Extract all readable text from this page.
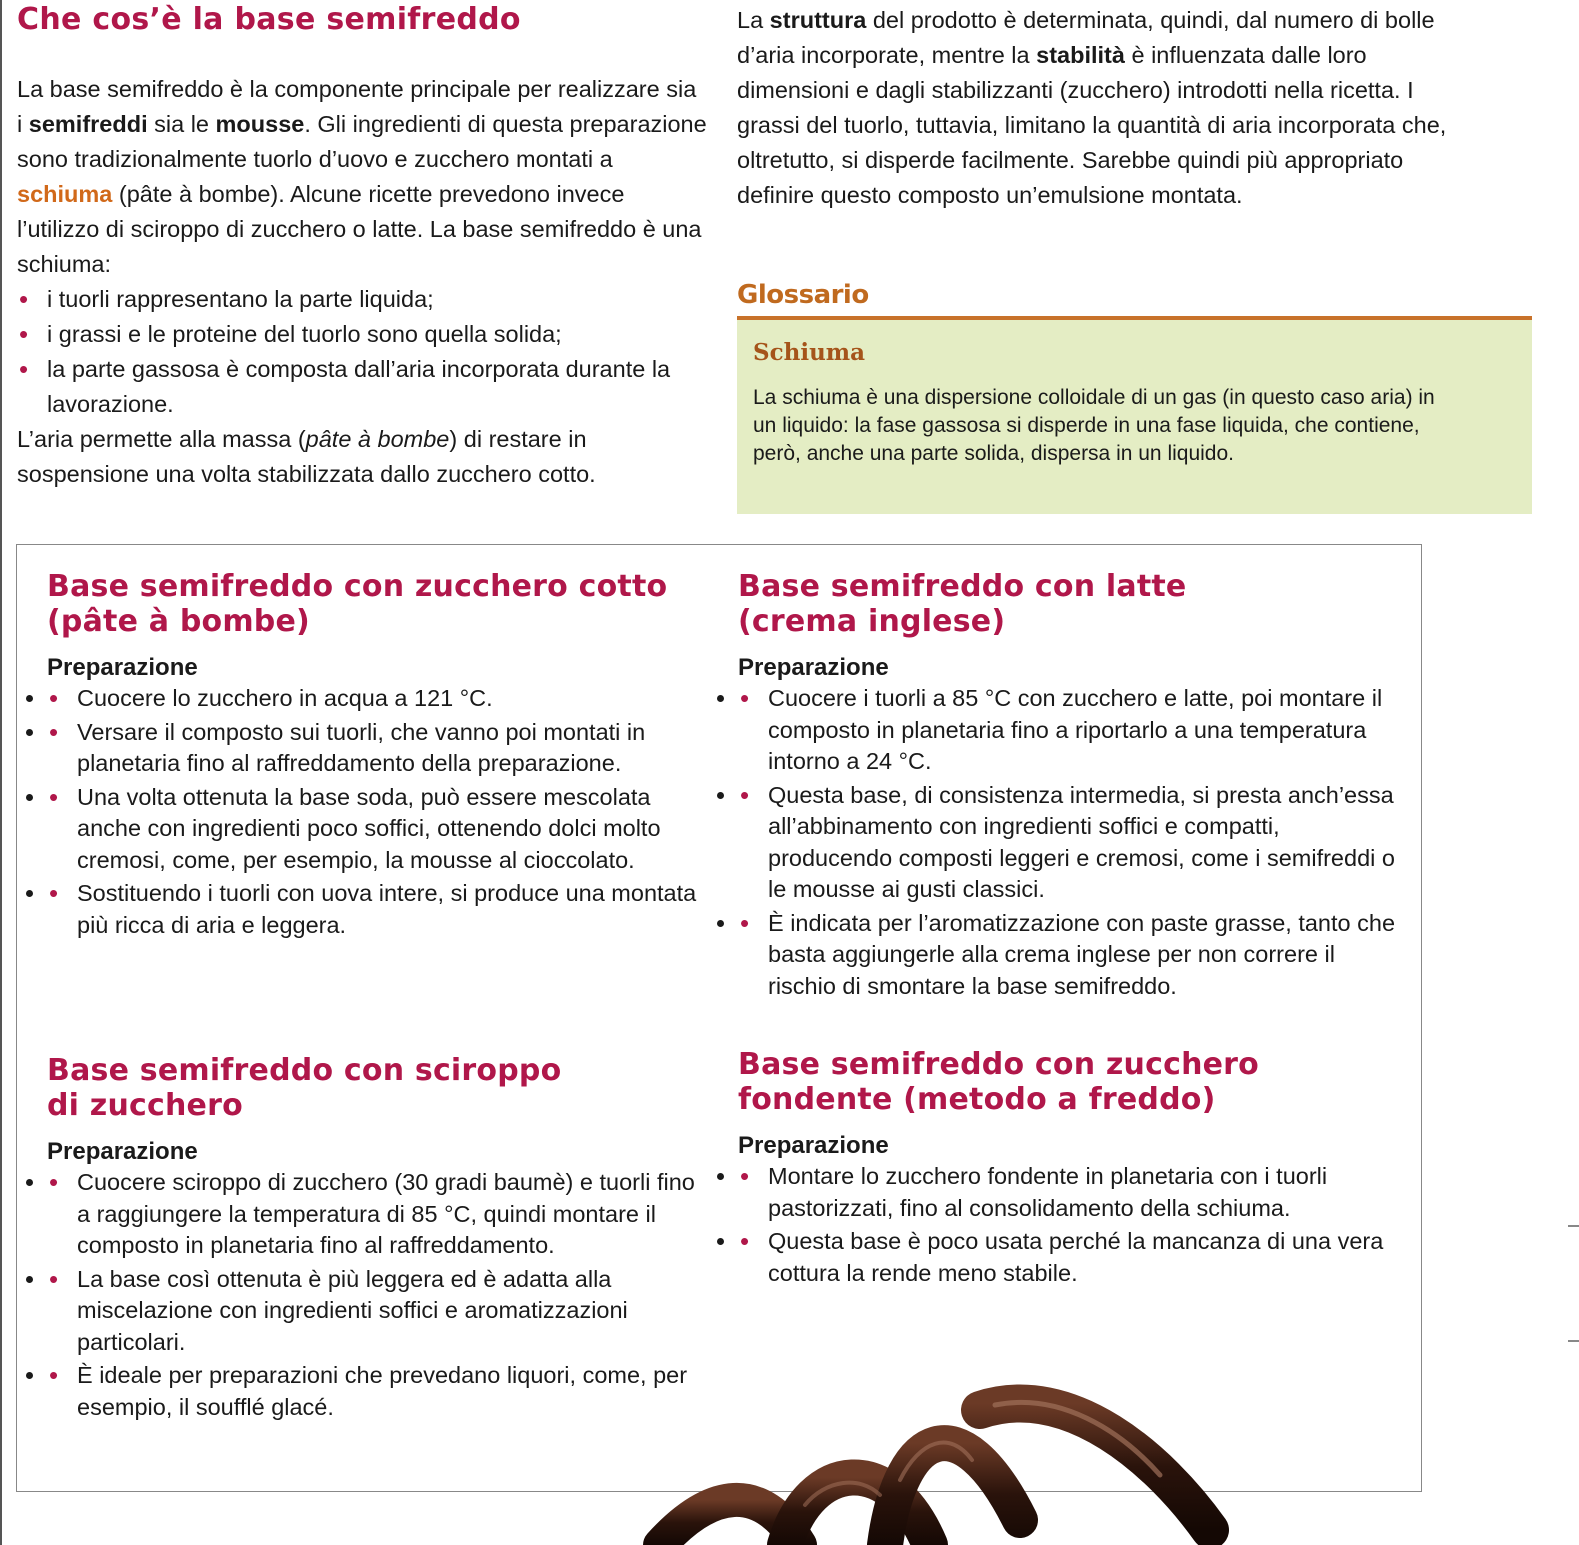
Che cos’è la base semifreddo

La base semifreddo è la componente principale per realizzare sia i semifreddi sia le mousse. Gli ingredienti di questa preparazione sono tradizionalmente tuorlo d’uovo e zucchero montati a schiuma (pâte à bombe). Alcune ricette prevedono invece l’utilizzo di sciroppo di zucchero o latte. La base semifreddo è una schiuma:

• i tuorli rappresentano la parte liquida;
• i grassi e le proteine del tuorlo sono quella solida;
• la parte gassosa è composta dall’aria incorporata durante la lavorazione.

L’aria permette alla massa (pâte à bombe) di restare in sospensione una volta stabilizzata dallo zucchero cotto.

La struttura del prodotto è determinata, quindi, dal numero di bolle d’aria incorporate, mentre la stabilità è influenzata dalle loro dimensioni e dagli stabilizzanti (zucchero) introdotti nella ricetta. I grassi del tuorlo, tuttavia, limitano la quantità di aria incorporata che, oltretutto, si disperde facilmente. Sarebbe quindi più appropriato definire questo composto un’emulsione montata.
Glossario
Schiuma
La schiuma è una dispersione colloidale di un gas (in questo caso aria) in un liquido: la fase gassosa si disperde in una fase liquida, che contiene, però, anche una parte solida, dispersa in un liquido.
Base semifreddo con zucchero cotto
(pâte à bombe)
Preparazione
• • Cuocere lo zucchero in acqua a 121 °C.
• • Versare il composto sui tuorli, che vanno poi montati in planetaria fino al raffreddamento della preparazione.
• • Una volta ottenuta la base soda, può essere mescolata anche con ingredienti poco soffici, ottenendo dolci molto cremosi, come, per esempio, la mousse al cioccolato.
• • Sostituendo i tuorli con uova intere, si produce una montata più ricca di aria e leggera.
Base semifreddo con latte
(crema inglese)
Preparazione
• • Cuocere i tuorli a 85 °C con zucchero e latte, poi montare il composto in planetaria fino a riportarlo a una temperatura intorno a 24 °C.
• • Questa base, di consistenza intermedia, si presta anch’essa all’abbinamento con ingredienti soffici e compatti, producendo composti leggeri e cremosi, come i semifreddi o le mousse ai gusti classici.
• • È indicata per l’aromatizzazione con paste grasse, tanto che basta aggiungerle alla crema inglese per non correre il rischio di smontare la base semifreddo.
Base semifreddo con sciroppo
di zucchero
Preparazione
• • Cuocere sciroppo di zucchero (30 gradi baumè) e tuorli fino a raggiungere la temperatura di 85 °C, quindi montare il composto in planetaria fino al raffreddamento.
• • La base così ottenuta è più leggera ed è adatta alla miscelazione con ingredienti soffici e aromatizzazioni particolari.
• • È ideale per preparazioni che prevedano liquori, come, per esempio, il soufflé glacé.
Base semifreddo con zucchero
fondente (metodo a freddo)
Preparazione
• • Montare lo zucchero fondente in planetaria con i tuorli pastorizzati, fino al consolidamento della schiuma.
• • Questa base è poco usata perché la mancanza di una vera cottura la rende meno stabile.
